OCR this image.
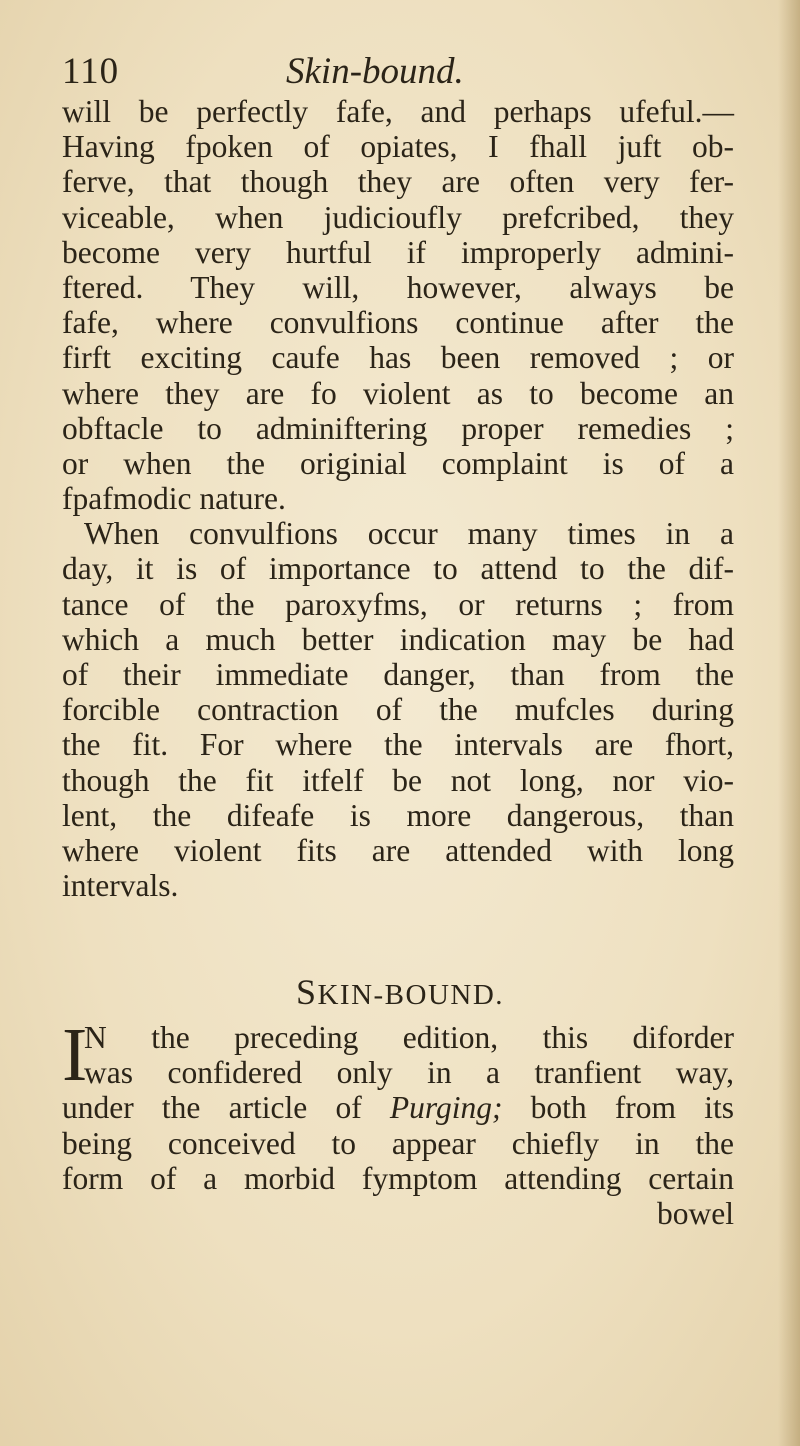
110	Skin-bound.
will be perfectly fafe, and perhaps ufeful.—
Having fpoken of opiates, I fhall juft ob-
ferve, that though they are often very fer-
viceable, when judicioufly prefcribed, they
become very hurtful if improperly admini-
ftered. They will, however, always be
fafe, where convulfions continue after the
firft exciting caufe has been removed ; or
where they are fo violent as to become an
obftacle to adminiftering proper remedies ;
or when the originial complaint is of a
fpafmodic nature.
When convulfions occur many times in a
day, it is of importance to attend to the dif-
tance of the paroxyfms, or returns ; from
which a much better indication may be had
of their immediate danger, than from the
forcible contraction of the mufcles during
the fit. For where the intervals are fhort,
though the fit itfelf be not long, nor vio-
lent, the difeafe is more dangerous, than
where violent fits are attended with long
intervals.
SKIN-BOUND.
I
N the preceding edition, this diforder
was confidered only in a tranfient way,
under the article of Purging; both from its
being conceived to appear chiefly in the
form of a morbid fymptom attending certain
bowel
